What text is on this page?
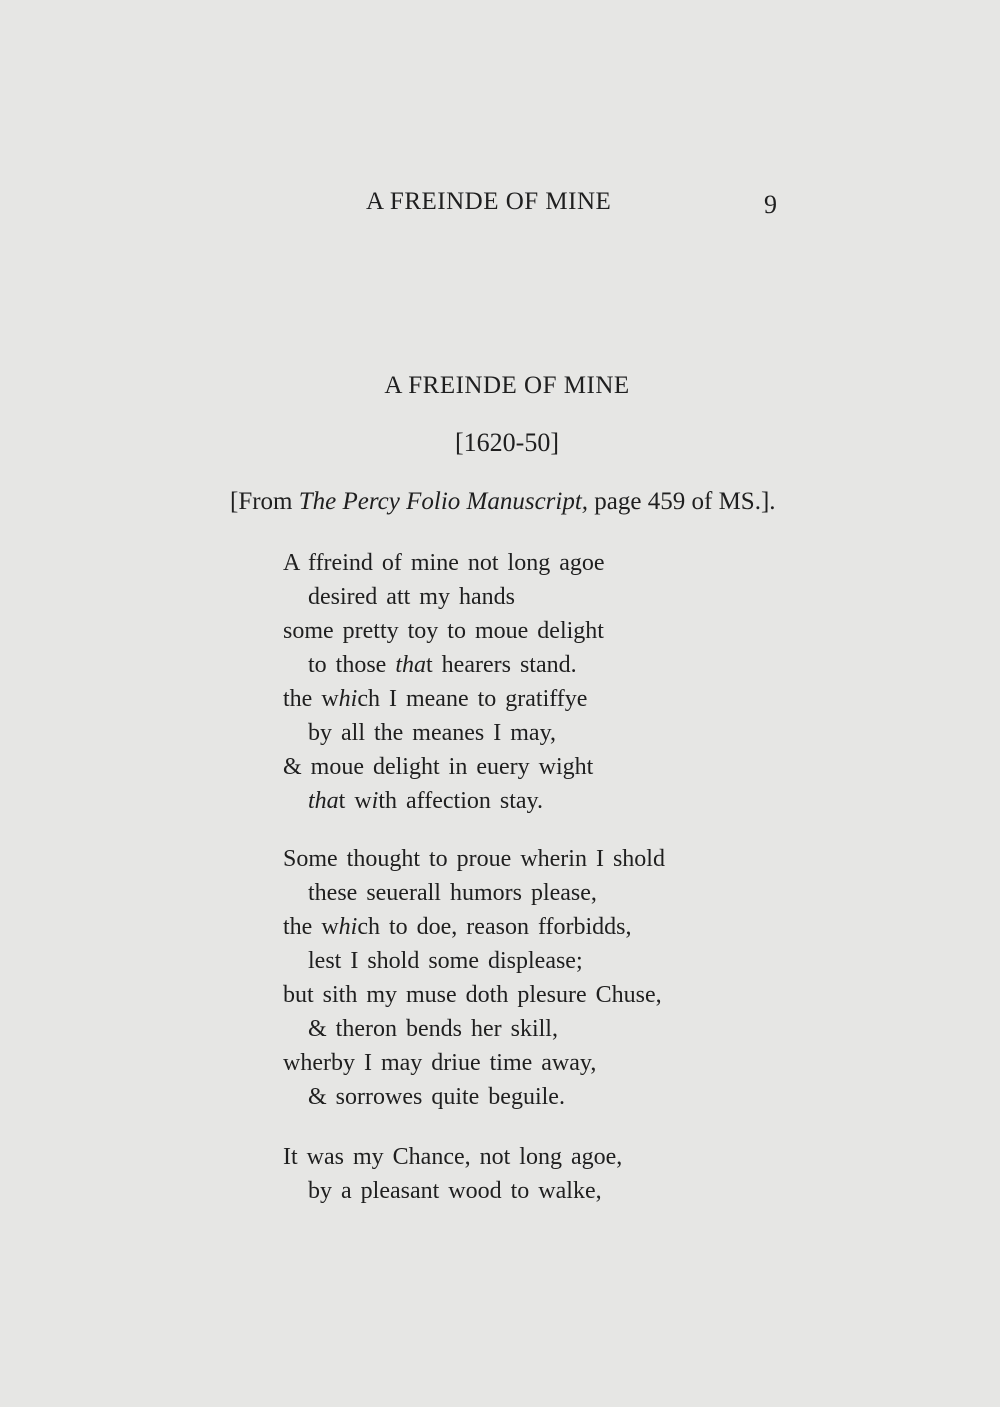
A FREINDE OF MINE	9
A FREINDE OF MINE
[1620-50]
[From The Percy Folio Manuscript, page 459 of MS.].
A ffreind of mine not long agoe
desired att my hands
some pretty toy to moue delight
to those that hearers stand.
the which I meane to gratiffye
by all the meanes I may,
& moue delight in euery wight
that with affection stay.
Some thought to proue wherin I shold
these seuerall humors please,
the which to doe, reason fforbidds,
lest I shold some displease;
but sith my muse doth plesure Chuse,
& theron bends her skill,
wherby I may driue time away,
& sorrowes quite beguile.
It was my Chance, not long agoe,
by a pleasant wood to walke,
